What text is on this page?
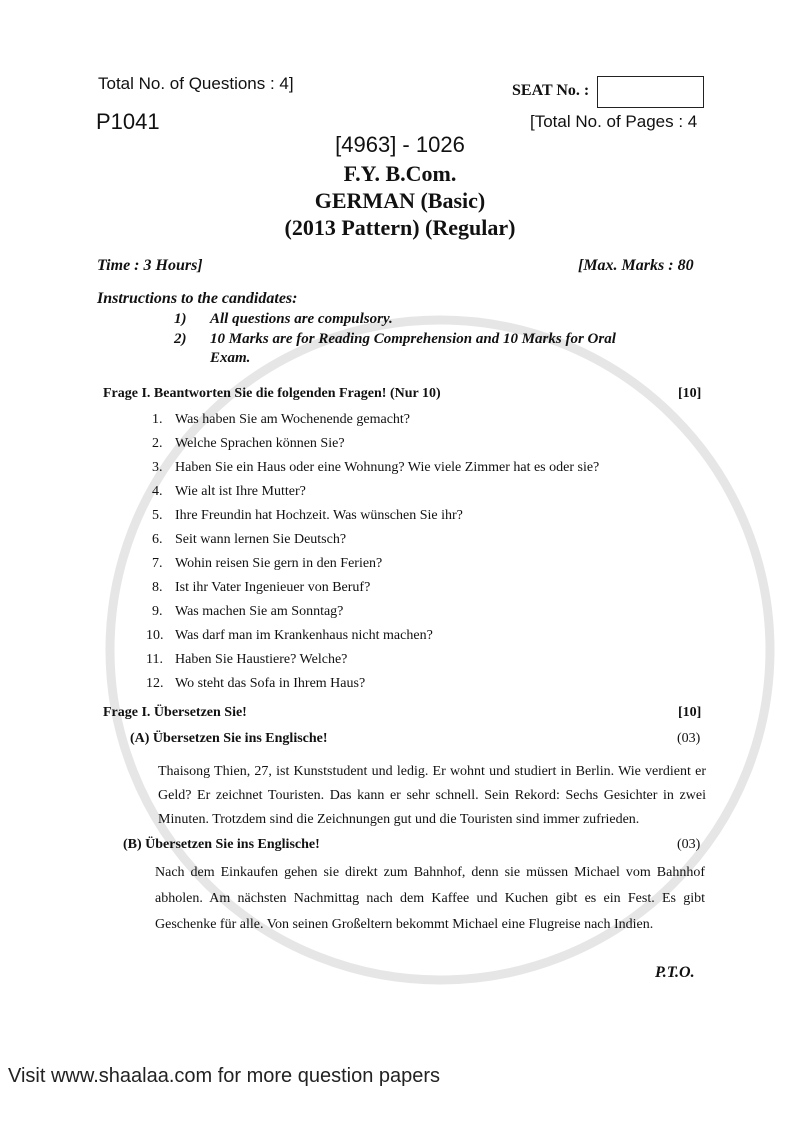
Total No. of Questions : 4]	SEAT No. :
P1041	[Total No. of Pages : 4
[4963] - 1026
F.Y. B.Com.
GERMAN (Basic)
(2013 Pattern) (Regular)
Time : 3 Hours]	[Max. Marks : 80
Instructions to the candidates:
1) All questions are compulsory.
2) 10 Marks are for Reading Comprehension and 10 Marks for Oral
Exam.
Frage I. Beantworten Sie die folgenden Fragen! (Nur 10)	[10]
1. Was haben Sie am Wochenende gemacht?
2. Welche Sprachen können Sie?
3. Haben Sie ein Haus oder eine Wohnung? Wie viele Zimmer hat es oder sie?
4. Wie alt ist Ihre Mutter?
5. Ihre Freundin hat Hochzeit. Was wünschen Sie ihr?
6. Seit wann lernen Sie Deutsch?
7. Wohin reisen Sie gern in den Ferien?
8. Ist ihr Vater Ingenieuer von Beruf?
9. Was machen Sie am Sonntag?
10. Was darf man im Krankenhaus nicht machen?
11. Haben Sie Haustiere? Welche?
12. Wo steht das Sofa in Ihrem Haus?
Frage I. Übersetzen Sie!	[10]
(A) Übersetzen Sie ins Englische!	(03)
Thaisong Thien, 27, ist Kunststudent und ledig. Er wohnt und studiert in Berlin. Wie verdient er Geld? Er zeichnet Touristen. Das kann er sehr schnell. Sein Rekord: Sechs Gesichter in zwei Minuten. Trotzdem sind die Zeichnungen gut und die Touristen sind immer zufrieden.
(B) Übersetzen Sie ins Englische!	(03)
Nach dem Einkaufen gehen sie direkt zum Bahnhof, denn sie müssen Michael vom Bahnhof abholen. Am nächsten Nachmittag nach dem Kaffee und Kuchen gibt es ein Fest. Es gibt Geschenke für alle. Von seinen Großeltern bekommt Michael eine Flugreise nach Indien.
P.T.O.
Visit www.shaalaa.com for more question papers
